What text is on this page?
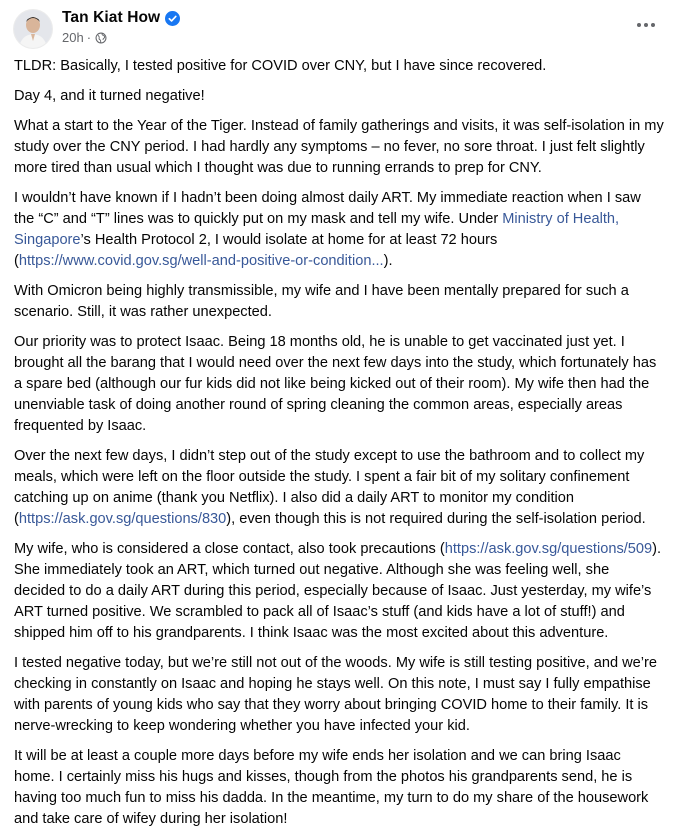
Tan Kiat How
20h ·

TLDR: Basically, I tested positive for COVID over CNY, but I have since recovered.

Day 4, and it turned negative!

What a start to the Year of the Tiger. Instead of family gatherings and visits, it was self-isolation in my study over the CNY period. I had hardly any symptoms – no fever, no sore throat. I just felt slightly more tired than usual which I thought was due to running errands to prep for CNY.

I wouldn’t have known if I hadn’t been doing almost daily ART. My immediate reaction when I saw the “C” and “T” lines was to quickly put on my mask and tell my wife. Under Ministry of Health, Singapore’s Health Protocol 2, I would isolate at home for at least 72 hours (https://www.covid.gov.sg/well-and-positive-or-condition...).

With Omicron being highly transmissible, my wife and I have been mentally prepared for such a scenario. Still, it was rather unexpected.

Our priority was to protect Isaac. Being 18 months old, he is unable to get vaccinated just yet. I brought all the barang that I would need over the next few days into the study, which fortunately has a spare bed (although our fur kids did not like being kicked out of their room). My wife then had the unenviable task of doing another round of spring cleaning the common areas, especially areas frequented by Isaac.

Over the next few days, I didn’t step out of the study except to use the bathroom and to collect my meals, which were left on the floor outside the study. I spent a fair bit of my solitary confinement catching up on anime (thank you Netflix). I also did a daily ART to monitor my condition (https://ask.gov.sg/questions/830), even though this is not required during the self-isolation period.

My wife, who is considered a close contact, also took precautions (https://ask.gov.sg/questions/509). She immediately took an ART, which turned out negative. Although she was feeling well, she decided to do a daily ART during this period, especially because of Isaac. Just yesterday, my wife’s ART turned positive. We scrambled to pack all of Isaac’s stuff (and kids have a lot of stuff!) and shipped him off to his grandparents. I think Isaac was the most excited about this adventure.

I tested negative today, but we’re still not out of the woods. My wife is still testing positive, and we’re checking in constantly on Isaac and hoping he stays well. On this note, I must say I fully empathise with parents of young kids who say that they worry about bringing COVID home to their family. It is nerve-wrecking to keep wondering whether you have infected your kid.

It will be at least a couple more days before my wife ends her isolation and we can bring Isaac home. I certainly miss his hugs and kisses, though from the photos his grandparents send, he is having too much fun to miss his dadda. In the meantime, my turn to do my share of the housework and take care of wifey during her isolation!
